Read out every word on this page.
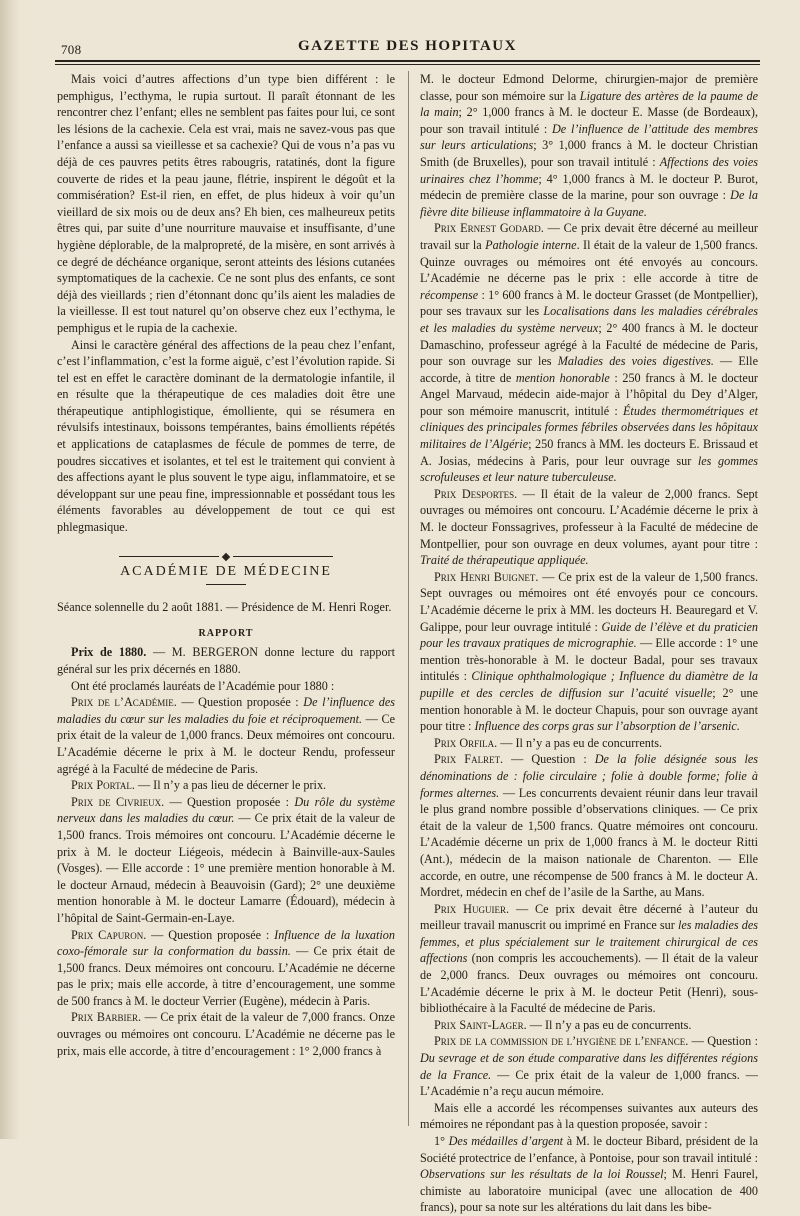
708	GAZETTE DES HOPITAUX

Mais voici d’autres affections d’un type bien différent : le pemphigus, l’ecthyma, le rupia surtout. Il paraît étonnant de les rencontrer chez l’enfant; elles ne semblent pas faites pour lui, ce sont les lésions de la cachexie. Cela est vrai, mais ne savez-vous pas que l’enfance a aussi sa vieillesse et sa cachexie? Qui de vous n’a pas vu déjà de ces pauvres petits êtres rabougris, ratatinés, dont la figure couverte de rides et la peau jaune, flétrie, inspirent le dégoût et la commisération? Est-il rien, en effet, de plus hideux à voir qu’un vieillard de six mois ou de deux ans? Eh bien, ces malheureux petits êtres qui, par suite d’une nourriture mauvaise et insuffisante, d’une hygiène déplorable, de la malpropreté, de la misère, en sont arrivés à ce degré de déchéance organique, seront atteints des lésions cutanées symptomatiques de la cachexie. Ce ne sont plus des enfants, ce sont déjà des vieillards ; rien d’étonnant donc qu’ils aient les maladies de la vieillesse. Il est tout naturel qu’on observe chez eux l’ecthyma, le pemphigus et le rupia de la cachexie.

Ainsi le caractère général des affections de la peau chez l’enfant, c’est l’inflammation, c’est la forme aiguë, c’est l’évolution rapide. Si tel est en effet le caractère dominant de la dermatologie infantile, il en résulte que la thérapeutique de ces maladies doit être une thérapeutique antiphlogistique, émolliente, qui se résumera en révulsifs intestinaux, boissons tempérantes, bains émollients répétés et applications de cataplasmes de fécule de pommes de terre, de poudres siccatives et isolantes, et tel est le traitement qui convient à des affections ayant le plus souvent le type aigu, inflammatoire, et se développant sur une peau fine, impressionnable et possédant tous les éléments favorables au développement de tout ce qui est phlegmasique.

ACADÉMIE DE MÉDECINE

Séance solennelle du 2 août 1881. — Présidence de M. Henri Roger.

RAPPORT

Prix de 1880. — M. BERGERON donne lecture du rapport général sur les prix décernés en 1880.

Ont été proclamés lauréats de l’Académie pour 1880 :

Prix de l’Académie. — Question proposée : De l’influence des maladies du cœur sur les maladies du foie et réciproquement. — Ce prix était de la valeur de 1,000 francs. Deux mémoires ont concouru. L’Académie décerne le prix à M. le docteur Rendu, professeur agrégé à la Faculté de médecine de Paris.

Prix Portal. — Il n’y a pas lieu de décerner le prix.

Prix de Civrieux. — Question proposée : Du rôle du système nerveux dans les maladies du cœur. — Ce prix était de la valeur de 1,500 francs. Trois mémoires ont concouru. L’Académie décerne le prix à M. le docteur Liégeois, médecin à Bainville-aux-Saules (Vosges). — Elle accorde : 1° une première mention honorable à M. le docteur Arnaud, médecin à Beauvoisin (Gard); 2° une deuxième mention honorable à M. le docteur Lamarre (Édouard), médecin à l’hôpital de Saint-Germain-en-Laye.

Prix Capuron. — Question proposée : Influence de la luxation coxo-fémorale sur la conformation du bassin. — Ce prix était de 1,500 francs. Deux mémoires ont concouru. L’Académie ne décerne pas le prix; mais elle accorde, à titre d’encouragement, une somme de 500 francs à M. le docteur Verrier (Eugène), médecin à Paris.

Prix Barbier. — Ce prix était de la valeur de 7,000 francs. Onze ouvrages ou mémoires ont concouru. L’Académie ne décerne pas le prix, mais elle accorde, à titre d’encouragement : 1° 2,000 francs à

M. le docteur Edmond Delorme, chirurgien-major de première classe, pour son mémoire sur la Ligature des artères de la paume de la main; 2° 1,000 francs à M. le docteur E. Masse (de Bordeaux), pour son travail intitulé : De l’influence de l’attitude des membres sur leurs articulations; 3° 1,000 francs à M. le docteur Christian Smith (de Bruxelles), pour son travail intitulé : Affections des voies urinaires chez l’homme; 4° 1,000 francs à M. le docteur P. Burot, médecin de première classe de la marine, pour son ouvrage : De la fièvre dite bilieuse inflammatoire à la Guyane.

Prix Ernest Godard. — Ce prix devait être décerné au meilleur travail sur la Pathologie interne. Il était de la valeur de 1,500 francs. Quinze ouvrages ou mémoires ont été envoyés au concours. L’Académie ne décerne pas le prix : elle accorde à titre de récompense : 1° 600 francs à M. le docteur Grasset (de Montpellier), pour ses travaux sur les Localisations dans les maladies cérébrales et les maladies du système nerveux; 2° 400 francs à M. le docteur Damaschino, professeur agrégé à la Faculté de médecine de Paris, pour son ouvrage sur les Maladies des voies digestives. — Elle accorde, à titre de mention honorable : 250 francs à M. le docteur Angel Marvaud, médecin aide-major à l’hôpital du Dey d’Alger, pour son mémoire manuscrit, intitulé : Études thermométriques et cliniques des principales formes fébriles observées dans les hôpitaux militaires de l’Algérie; 250 francs à MM. les docteurs E. Brissaud et A. Josias, médecins à Paris, pour leur ouvrage sur les gommes scrofuleuses et leur nature tuberculeuse.

Prix Desportes. — Il était de la valeur de 2,000 francs. Sept ouvrages ou mémoires ont concouru. L’Académie décerne le prix à M. le docteur Fonssagrives, professeur à la Faculté de médecine de Montpellier, pour son ouvrage en deux volumes, ayant pour titre : Traité de thérapeutique appliquée.

Prix Henri Buignet. — Ce prix est de la valeur de 1,500 francs. Sept ouvrages ou mémoires ont été envoyés pour ce concours. L’Académie décerne le prix à MM. les docteurs H. Beauregard et V. Galippe, pour leur ouvrage intitulé : Guide de l’élève et du praticien pour les travaux pratiques de micrographie. — Elle accorde : 1° une mention très-honorable à M. le docteur Badal, pour ses travaux intitulés : Clinique ophthalmologique ; Influence du diamètre de la pupille et des cercles de diffusion sur l’acuité visuelle; 2° une mention honorable à M. le docteur Chapuis, pour son ouvrage ayant pour titre : Influence des corps gras sur l’absorption de l’arsenic.

Prix Orfila. — Il n’y a pas eu de concurrents.

Prix Falret. — Question : De la folie désignée sous les dénominations de : folie circulaire ; folie à double forme; folie à formes alternes. — Les concurrents devaient réunir dans leur travail le plus grand nombre possible d’observations cliniques. — Ce prix était de la valeur de 1,500 francs. Quatre mémoires ont concouru. L’Académie décerne un prix de 1,000 francs à M. le docteur Ritti (Ant.), médecin de la maison nationale de Charenton. — Elle accorde, en outre, une récompense de 500 francs à M. le docteur A. Mordret, médecin en chef de l’asile de la Sarthe, au Mans.

Prix Huguier. — Ce prix devait être décerné à l’auteur du meilleur travail manuscrit ou imprimé en France sur les maladies des femmes, et plus spécialement sur le traitement chirurgical de ces affections (non compris les accouchements). — Il était de la valeur de 2,000 francs. Deux ouvrages ou mémoires ont concouru. L’Académie décerne le prix à M. le docteur Petit (Henri), sous-bibliothécaire à la Faculté de médecine de Paris.

Prix Saint-Lager. — Il n’y a pas eu de concurrents.

Prix de la commission de l’hygiène de l’enfance. — Question : Du sevrage et de son étude comparative dans les différentes régions de la France. — Ce prix était de la valeur de 1,000 francs. — L’Académie n’a reçu aucun mémoire.

Mais elle a accordé les récompenses suivantes aux auteurs des mémoires ne répondant pas à la question proposée, savoir :

1° Des médailles d’argent à M. le docteur Bibard, président de la Société protectrice de l’enfance, à Pontoise, pour son travail intitulé : Observations sur les résultats de la loi Roussel; M. Henri Faurel, chimiste au laboratoire municipal (avec une allocation de 400 francs), pour sa note sur les altérations du lait dans les bibe-
